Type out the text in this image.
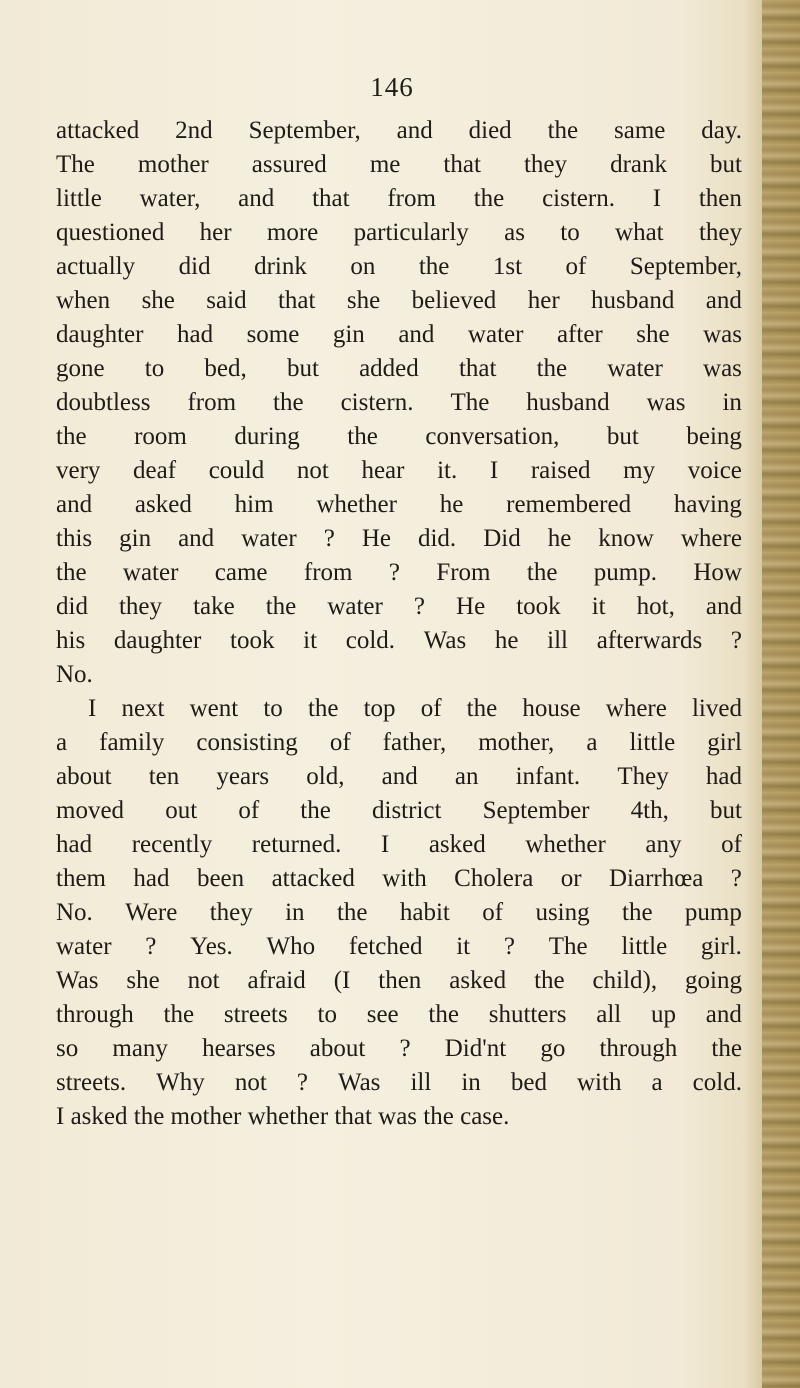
146
attacked 2nd September, and died the same day.
The mother assured me that they drank but
little water, and that from the cistern. I then
questioned her more particularly as to what they
actually did drink on the 1st of September,
when she said that she believed her husband and
daughter had some gin and water after she was
gone to bed, but added that the water was
doubtless from the cistern. The husband was in
the room during the conversation, but being
very deaf could not hear it. I raised my voice
and asked him whether he remembered having
this gin and water ? He did. Did he know where
the water came from ? From the pump. How
did they take the water ? He took it hot, and
his daughter took it cold. Was he ill afterwards ?
No.
I next went to the top of the house where lived
a family consisting of father, mother, a little girl
about ten years old, and an infant. They had
moved out of the district September 4th, but
had recently returned. I asked whether any of
them had been attacked with Cholera or Diarrhœa ?
No. Were they in the habit of using the pump
water ? Yes. Who fetched it ? The little girl.
Was she not afraid (I then asked the child), going
through the streets to see the shutters all up and
so many hearses about ? Did'nt go through the
streets. Why not ? Was ill in bed with a cold.
I
asked
the
mother
whether
that
was
the
case.
